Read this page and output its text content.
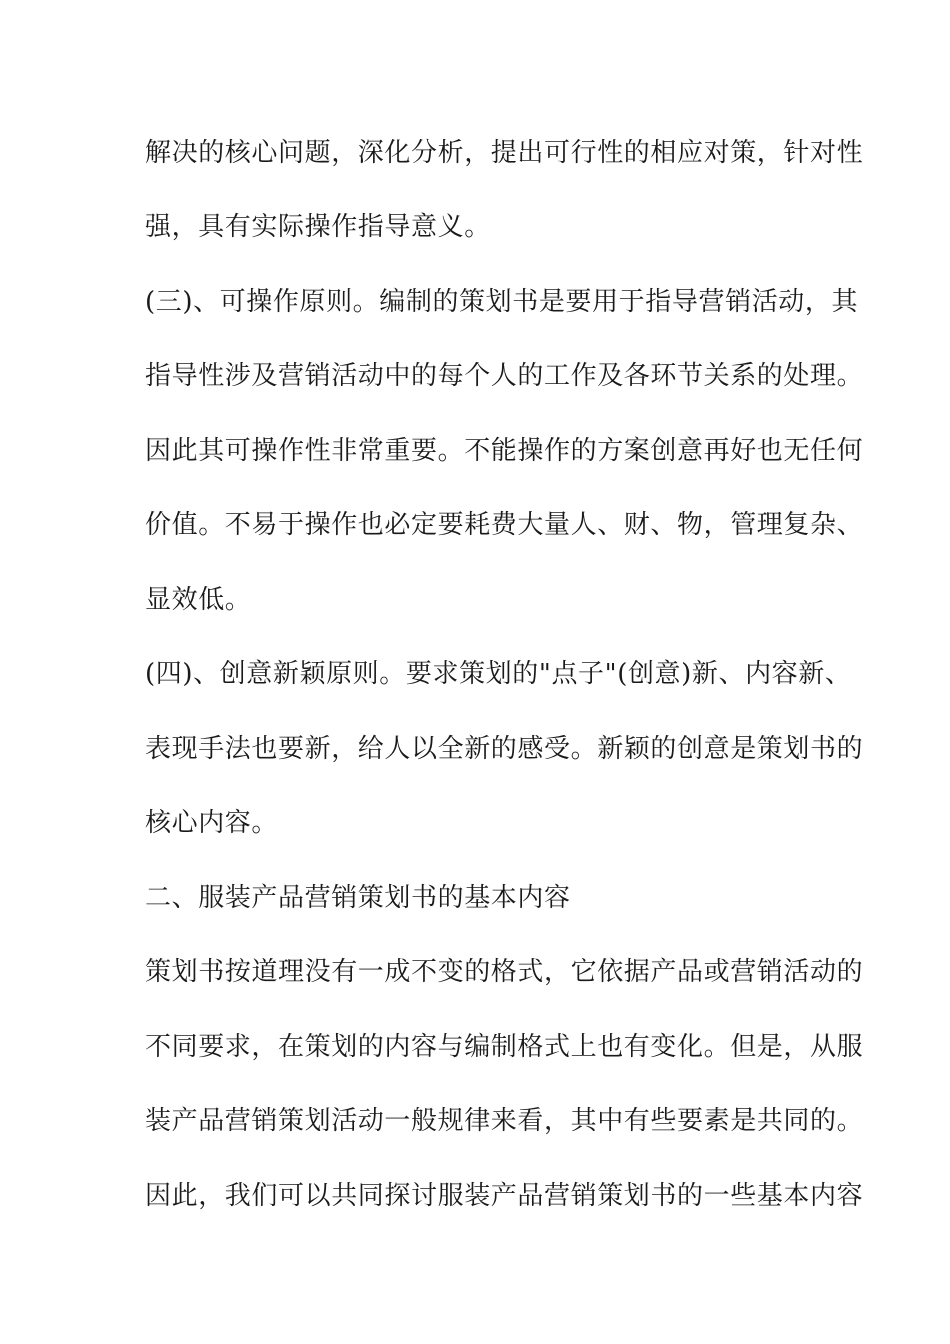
解决的核心问题，深化分析，提出可行性的相应对策，针对性
强，具有实际操作指导意义。
(三)、可操作原则。编制的策划书是要用于指导营销活动，其
指导性涉及营销活动中的每个人的工作及各环节关系的处理。
因此其可操作性非常重要。不能操作的方案创意再好也无任何
价值。不易于操作也必定要耗费大量人、财、物，管理复杂、
显效低。
(四)、创意新颖原则。要求策划的"点子"(创意)新、内容新、
表现手法也要新，给人以全新的感受。新颖的创意是策划书的
核心内容。
二、服装产品营销策划书的基本内容
策划书按道理没有一成不变的格式，它依据产品或营销活动的
不同要求，在策划的内容与编制格式上也有变化。但是，从服
装产品营销策划活动一般规律来看，其中有些要素是共同的。
因此，我们可以共同探讨服装产品营销策划书的一些基本内容
